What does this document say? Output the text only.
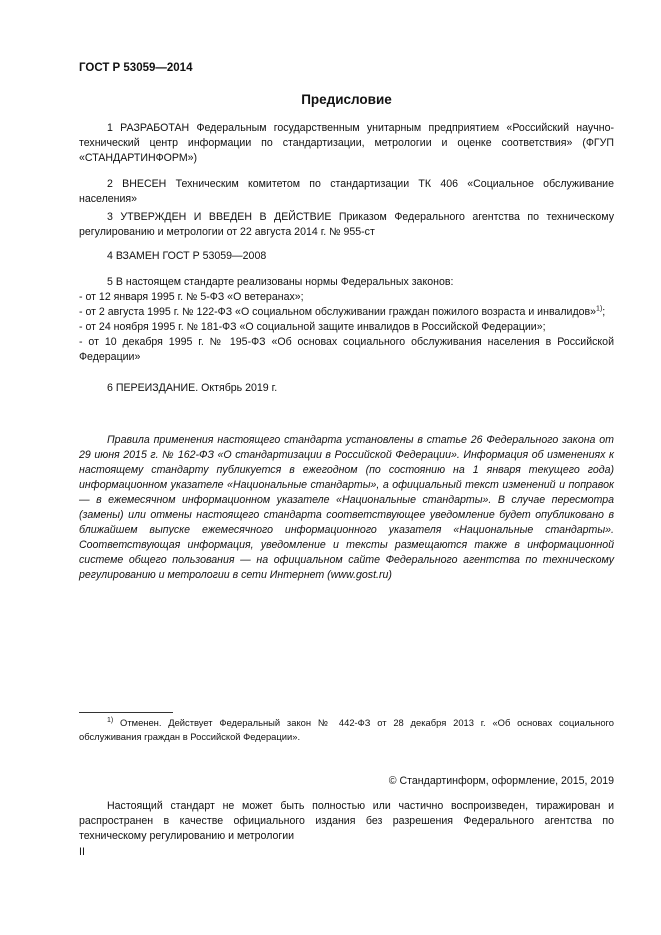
ГОСТ Р 53059—2014
Предисловие

1 РАЗРАБОТАН Федеральным государственным унитарным предприятием «Российский научно-технический центр информации по стандартизации, метрологии и оценке соответствия» (ФГУП «СТАНДАРТИНФОРМ»)

2 ВНЕСЕН Техническим комитетом по стандартизации ТК 406 «Социальное обслуживание населения»

3 УТВЕРЖДЕН И ВВЕДЕН В ДЕЙСТВИЕ Приказом Федерального агентства по техническому регулированию и метрологии от 22 августа 2014 г. № 955-ст

4 ВЗАМЕН ГОСТ Р 53059—2008

5 В настоящем стандарте реализованы нормы Федеральных законов:

- от 12 января 1995 г. № 5-ФЗ «О ветеранах»;

- от 2 августа 1995 г. № 122-ФЗ «О социальном обслуживании граждан пожилого возраста и инвалидов»$^{1)}$;

- от 24 ноября 1995 г. № 181-ФЗ «О социальной защите инвалидов в Российской Федерации»;

- от 10 декабря 1995 г. № 195-ФЗ «Об основах социального обслуживания населения в Российской Федерации»

6 ПЕРЕИЗДАНИЕ. Октябрь 2019 г.

Правила применения настоящего стандарта установлены в статье 26 Федерального закона от 29 июня 2015 г. № 162-ФЗ «О стандартизации в Российской Федерации». Информация об изменениях к настоящему стандарту публикуется в ежегодном (по состоянию на 1 января текущего года) информационном указателе «Национальные стандарты», а официальный текст изменений и поправок — в ежемесячном информационном указателе «Национальные стандарты». В случае пересмотра (замены) или отмены настоящего стандарта соответствующее уведомление будет опубликовано в ближайшем выпуске ежемесячного информационного указателя «Национальные стандарты». Соответствующая информация, уведомление и тексты размещаются также в информационной системе общего пользования — на официальном сайте Федерального агентства по техническому регулированию и метрологии в сети Интернет (www.gost.ru)

$^{1)}$ Отменен. Действует Федеральный закон № 442-ФЗ от 28 декабря 2013 г. «Об основах социального обслуживания граждан в Российской Федерации».
© Стандартинформ, оформление, 2015, 2019
Настоящий стандарт не может быть полностью или частично воспроизведен, тиражирован и распространен в качестве официального издания без разрешения Федерального агентства по техническому регулированию и метрологии
II
